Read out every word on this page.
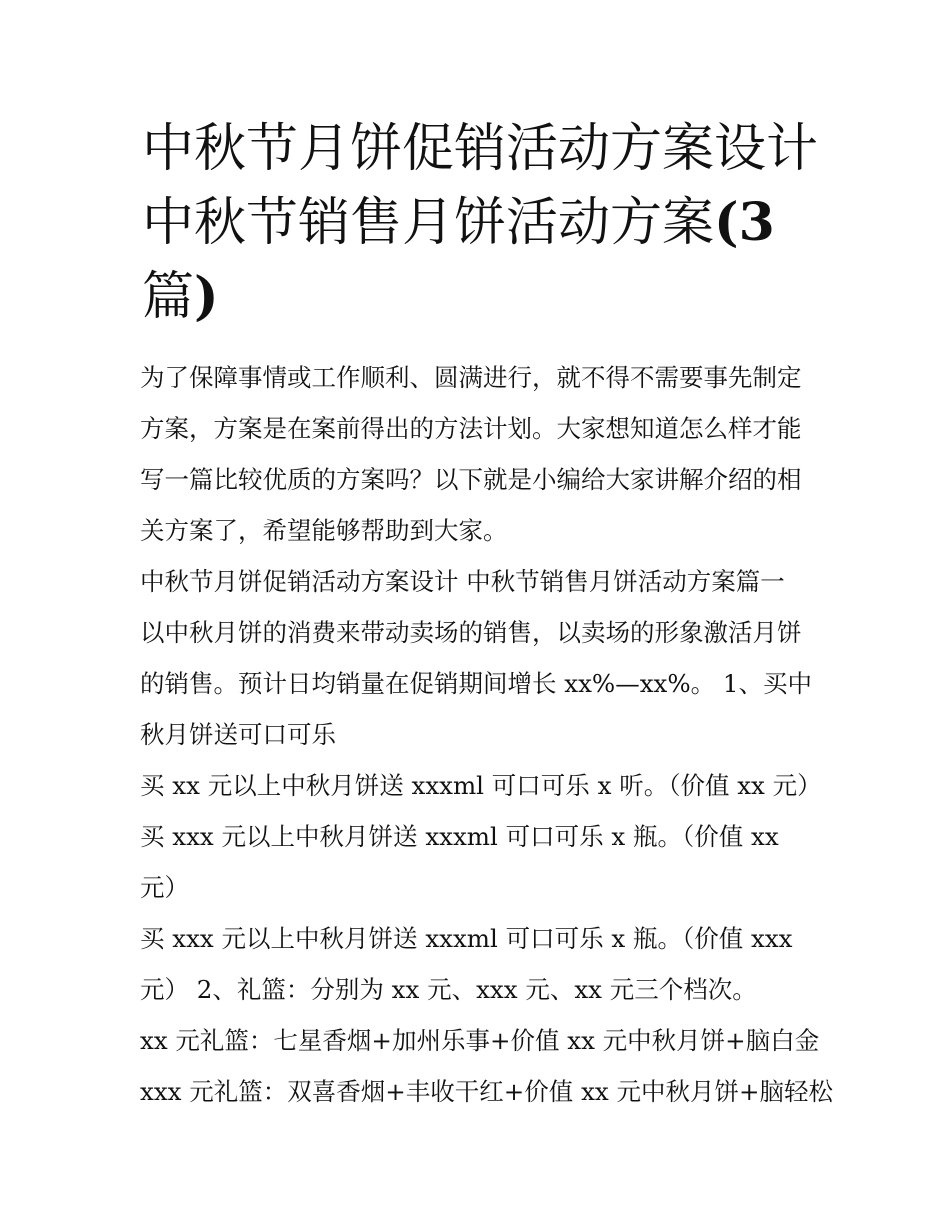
中秋节月饼促销活动方案设计
中秋节销售月饼活动方案(3
篇)

为了保障事情或工作顺利、圆满进行，就不得不需要事先制定

方案，方案是在案前得出的方法计划。大家想知道怎么样才能

写一篇比较优质的方案吗？以下就是小编给大家讲解介绍的相

关方案了，希望能够帮助到大家。

中秋节月饼促销活动方案设计 中秋节销售月饼活动方案篇一

以中秋月饼的消费来带动卖场的销售，以卖场的形象激活月饼

的销售。预计日均销量在促销期间增长 xx%—xx%。 1、买中

秋月饼送可口可乐

买 xx 元以上中秋月饼送 xxxml 可口可乐 x 听。（价值 xx 元）

买 xxx 元以上中秋月饼送 xxxml 可口可乐 x 瓶。（价值 xx

元）

买 xxx 元以上中秋月饼送 xxxml 可口可乐 x 瓶。（价值 xxx

元） 2、礼篮：分别为 xx 元、xxx 元、xx 元三个档次。

xx 元礼篮：七星香烟+加州乐事+价值 xx 元中秋月饼+脑白金

xxx 元礼篮：双喜香烟+丰收干红+价值 xx 元中秋月饼+脑轻松
